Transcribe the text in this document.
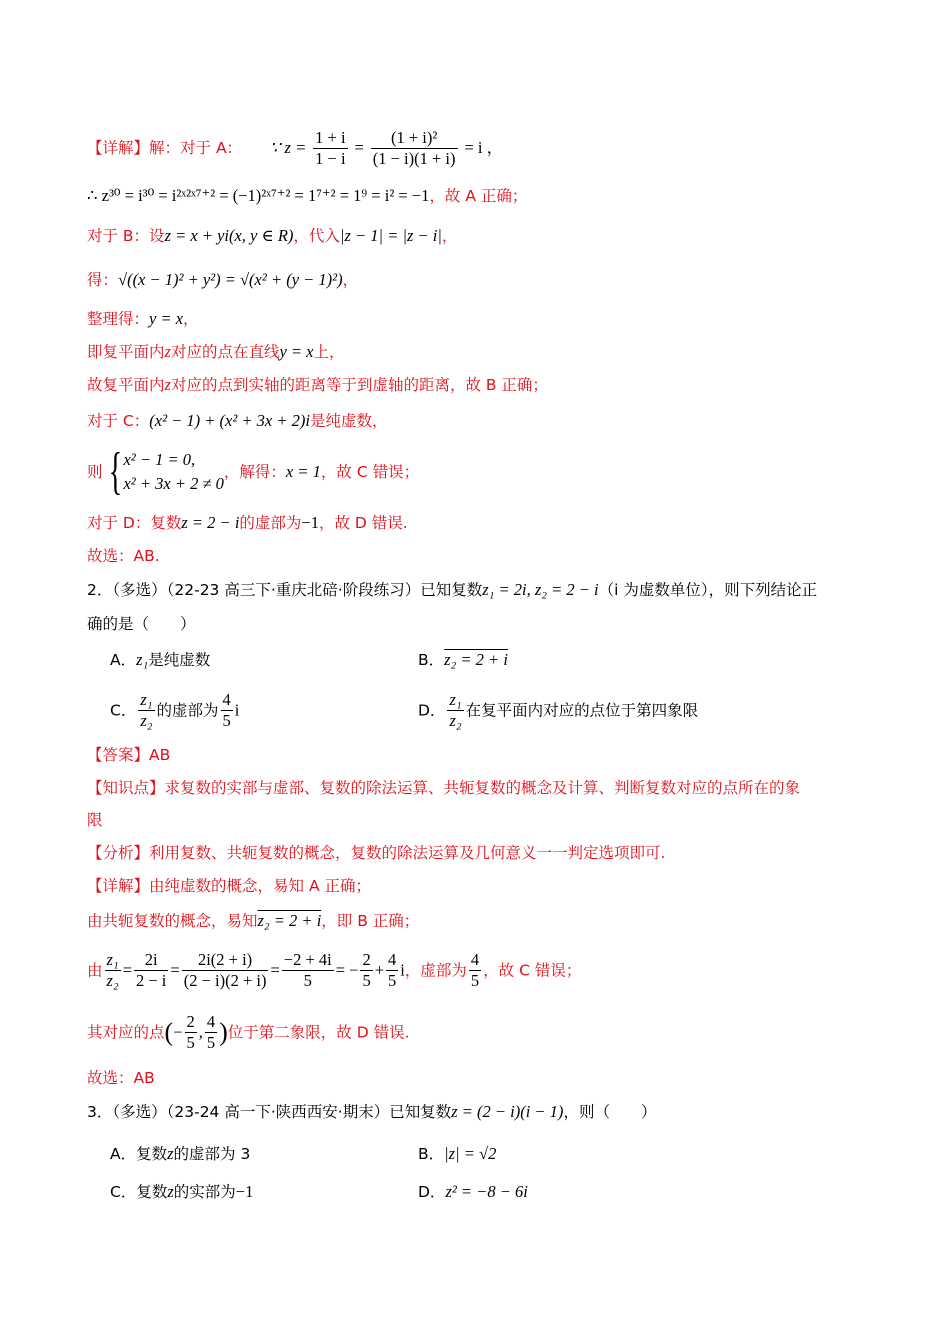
【详解】解：对于 A： ∵ $z = \frac{1 + i}{1 - i} = \frac{\text{(1 + i)²}}{(1 - i)(1 + i)} = i$ ，
∴ z³⁰ = i³⁰ = i²ˣ²ˣ⁷⁺² = (−1)²ˣ⁷⁺² = 1⁷⁺² = 1⁹ = i² = −1，故 A 正确；
对于 B：设z = x + yi(x, y ∈ R)，代入|z − 1| = |z − i|，
得：√((x − 1)² + y²) = √(x² + (y − 1)²)，
整理得：y = x，
即复平面内z对应的点在直线y = x上，
故复平面内z对应的点到实轴的距离等于到虚轴的距离，故 B 正确；
对于 C：(x² − 1) + (x² + 3x + 2)i是纯虚数，
则 { x² − 1 = 0,
x² + 3x + 2 ≠ 0
，解得：x = 1，故 C 错误；
对于 D：复数z = 2 − i的虚部为−1，故 D 错误.
故选：AB.
2．（多选）（22-23 高三下·重庆北碚·阶段练习）已知复数z₁ = 2i, z₂ = 2 − i（i 为虚数单位），则下列结论正
确的是（　　）
A．z₁是纯虚数	B．z₂ = 2 + i
C． $\frac{\text{z₁}}{\text{z₂}}$ 的虚部为 $\frac{4}{5}$ i	D． $\frac{\text{z₁}}{\text{z₂}}$ 在复平面内对应的点位于第四象限
【答案】AB
【知识点】求复数的实部与虚部、复数的除法运算、共轭复数的概念及计算、判断复数对应的点所在的象
限
【分析】利用复数、共轭复数的概念，复数的除法运算及几何意义一一判定选项即可.
【详解】由纯虚数的概念，易知 A 正确；
由共轭复数的概念，易知z₂ = 2 + i，即 B 正确；
由 $\frac{\text{z₁}}{\text{z₂}} = \frac{2i}{2 - i} = \frac{2i(2 + i)}{(2 - i)(2 + i)} = \frac{-2 + 4i}{5}$ = − $\frac{2}{5} + \frac{4}{5}$ i，虚部为 $\frac{4}{5}$ ，故 C 错误；
其对应的点(− $\frac{2}{5}$ , $\frac{4}{5}$ )位于第二象限，故 D 错误.
故选：AB
3．（多选）（23-24 高一下·陕西西安·期末）已知复数z = (2 − i)(i − 1)，则（　　）
A．复数z的虚部为 3	B．|z| = √2
C．复数z的实部为−1	D．z² = −8 − 6i
